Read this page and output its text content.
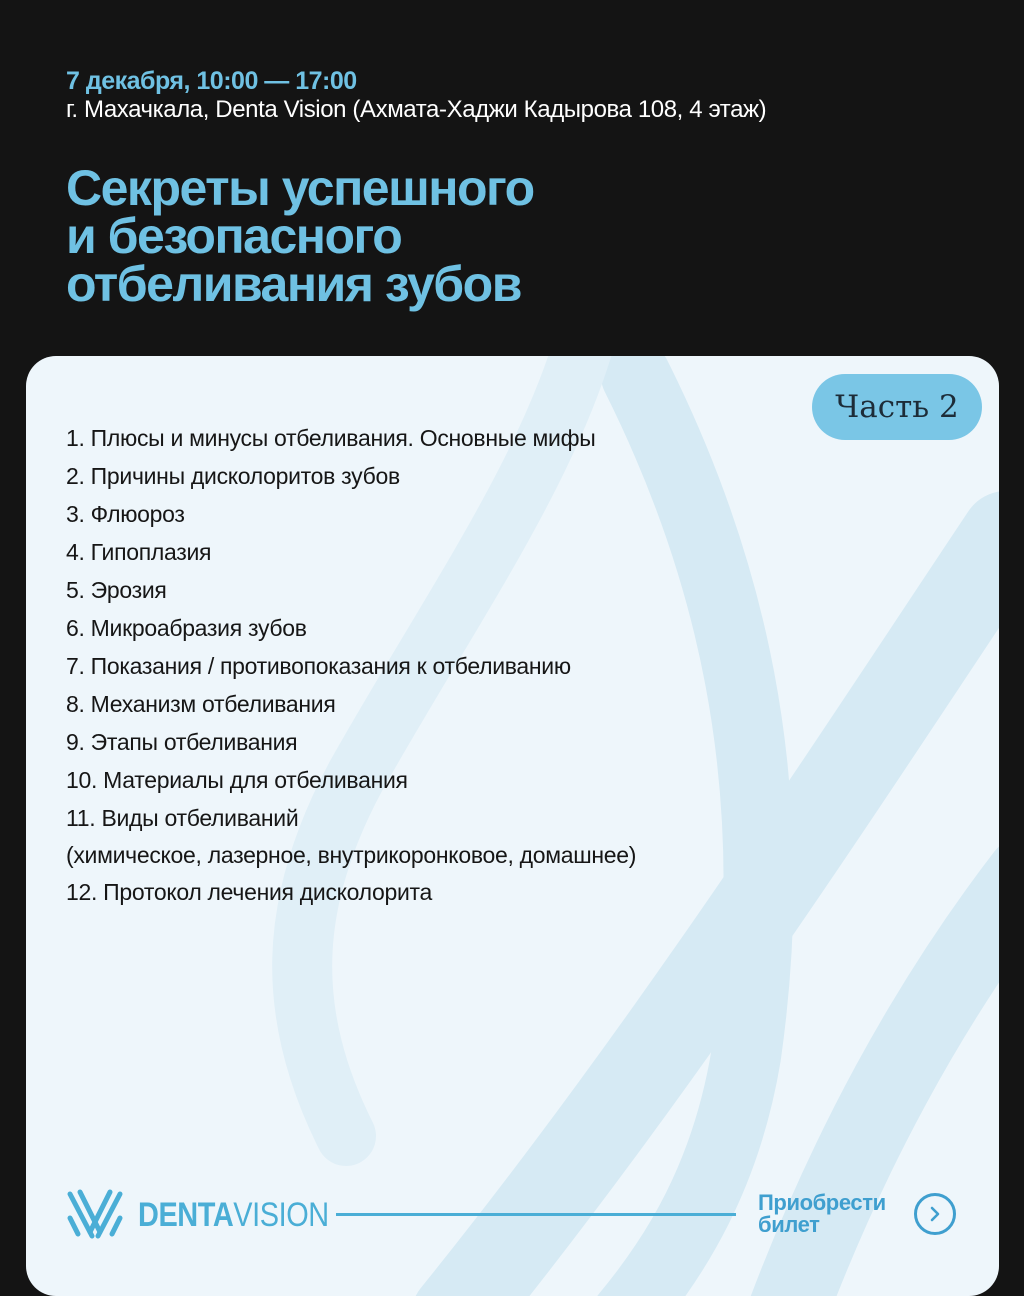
7 декабря, 10:00 — 17:00
г. Махачкала, Denta Vision (Ахмата-Хаджи Кадырова 108, 4 этаж)
Секреты успешного
и безопасного
отбеливания зубов
Часть 2
1. Плюсы и минусы отбеливания. Основные мифы
2. Причины дисколоритов зубов
3. Флюороз
4. Гипоплазия
5. Эрозия
6. Микроабразия зубов
7. Показания / противопоказания к отбеливанию
8. Механизм отбеливания
9. Этапы отбеливания
10. Материалы для отбеливания
11. Виды отбеливаний
(химическое, лазерное, внутрикоронковое, домашнее)
12. Протокол лечения дисколорита
DENTAVISION	Приобрести билет
